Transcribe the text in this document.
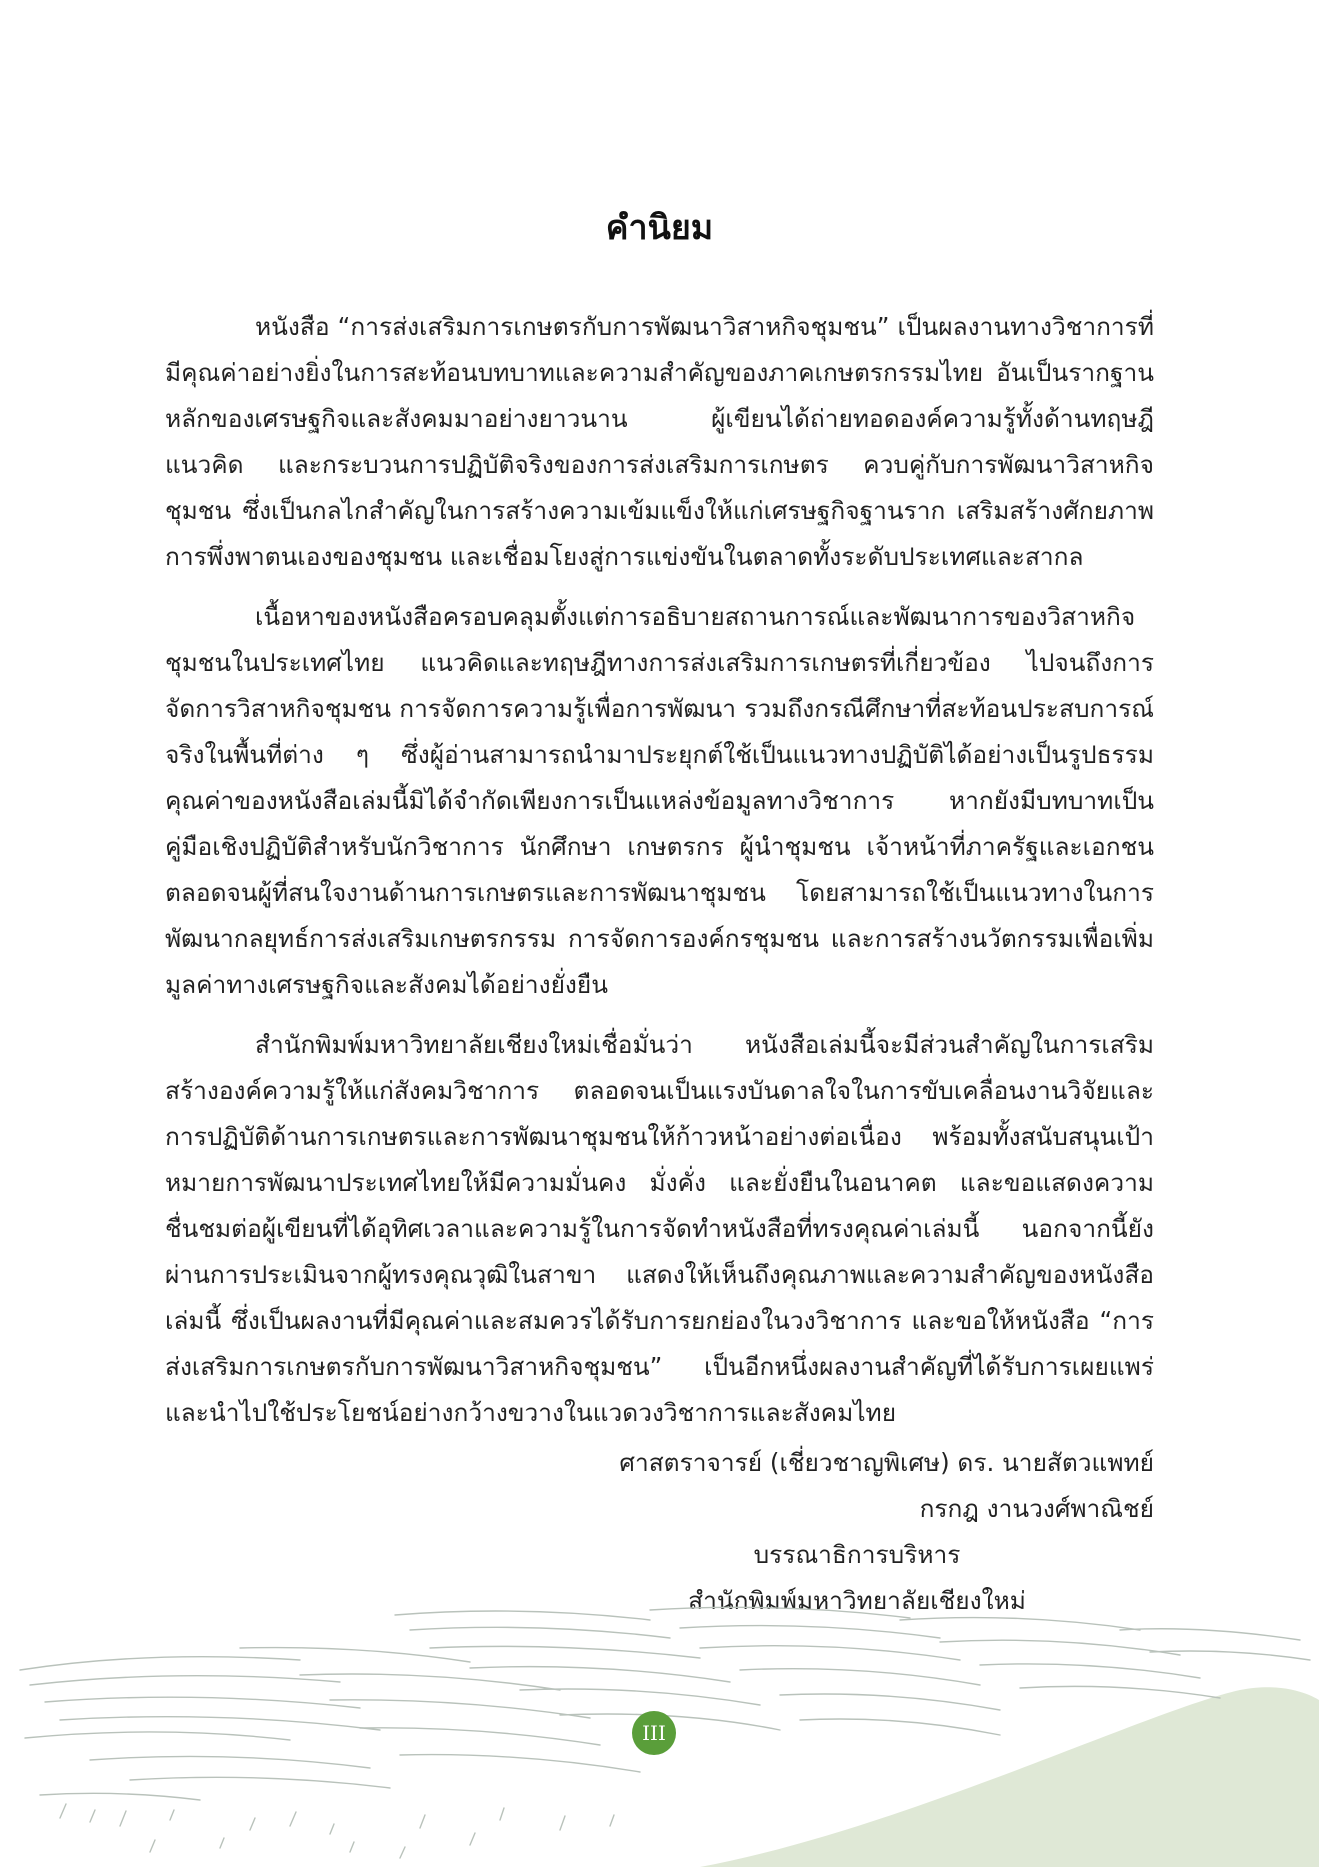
คำนิยม

หนังสือ “การส่งเสริมการเกษตรกับการพัฒนาวิสาหกิจชุมชน” เป็นผลงานทางวิชาการที่มีคุณค่าอย่างยิ่งในการสะท้อนบทบาทและความสำคัญของภาคเกษตรกรรมไทย อันเป็นรากฐานหลักของเศรษฐกิจและสังคมมาอย่างยาวนาน ผู้เขียนได้ถ่ายทอดองค์ความรู้ทั้งด้านทฤษฎี แนวคิด และกระบวนการปฏิบัติจริงของการส่งเสริมการเกษตร ควบคู่กับการพัฒนาวิสาหกิจชุมชน ซึ่งเป็นกลไกสำคัญในการสร้างความเข้มแข็งให้แก่เศรษฐกิจฐานราก เสริมสร้างศักยภาพการพึ่งพาตนเองของชุมชน และเชื่อมโยงสู่การแข่งขันในตลาดทั้งระดับประเทศและสากล

เนื้อหาของหนังสือครอบคลุมตั้งแต่การอธิบายสถานการณ์และพัฒนาการของวิสาหกิจชุมชนในประเทศไทย แนวคิดและทฤษฎีทางการส่งเสริมการเกษตรที่เกี่ยวข้อง ไปจนถึงการจัดการวิสาหกิจชุมชน การจัดการความรู้เพื่อการพัฒนา รวมถึงกรณีศึกษาที่สะท้อนประสบการณ์จริงในพื้นที่ต่าง ๆ ซึ่งผู้อ่านสามารถนำมาประยุกต์ใช้เป็นแนวทางปฏิบัติได้อย่างเป็นรูปธรรม คุณค่าของหนังสือเล่มนี้มิได้จำกัดเพียงการเป็นแหล่งข้อมูลทางวิชาการ หากยังมีบทบาทเป็นคู่มือเชิงปฏิบัติสำหรับนักวิชาการ นักศึกษา เกษตรกร ผู้นำชุมชน เจ้าหน้าที่ภาครัฐและเอกชน ตลอดจนผู้ที่สนใจงานด้านการเกษตรและการพัฒนาชุมชน โดยสามารถใช้เป็นแนวทางในการพัฒนากลยุทธ์การส่งเสริมเกษตรกรรม การจัดการองค์กรชุมชน และการสร้างนวัตกรรมเพื่อเพิ่มมูลค่าทางเศรษฐกิจและสังคมได้อย่างยั่งยืน

สำนักพิมพ์มหาวิทยาลัยเชียงใหม่เชื่อมั่นว่า หนังสือเล่มนี้จะมีส่วนสำคัญในการเสริมสร้างองค์ความรู้ให้แก่สังคมวิชาการ ตลอดจนเป็นแรงบันดาลใจในการขับเคลื่อนงานวิจัยและการปฏิบัติด้านการเกษตรและการพัฒนาชุมชนให้ก้าวหน้าอย่างต่อเนื่อง พร้อมทั้งสนับสนุนเป้าหมายการพัฒนาประเทศไทยให้มีความมั่นคง มั่งคั่ง และยั่งยืนในอนาคต และขอแสดงความชื่นชมต่อผู้เขียนที่ได้อุทิศเวลาและความรู้ในการจัดทำหนังสือที่ทรงคุณค่าเล่มนี้ นอกจากนี้ยังผ่านการประเมินจากผู้ทรงคุณวุฒิในสาขา แสดงให้เห็นถึงคุณภาพและความสำคัญของหนังสือเล่มนี้ ซึ่งเป็นผลงานที่มีคุณค่าและสมควรได้รับการยกย่องในวงวิชาการ และขอให้หนังสือ “การส่งเสริมการเกษตรกับการพัฒนาวิสาหกิจชุมชน” เป็นอีกหนึ่งผลงานสำคัญที่ได้รับการเผยแพร่และนำไปใช้ประโยชน์อย่างกว้างขวางในแวดวงวิชาการและสังคมไทย

ศาสตราจารย์ (เชี่ยวชาญพิเศษ) ดร. นายสัตวแพทย์ กรกฎ งานวงศ์พาณิชย์
บรรณาธิการบริหาร
สำนักพิมพ์มหาวิทยาลัยเชียงใหม่
III
